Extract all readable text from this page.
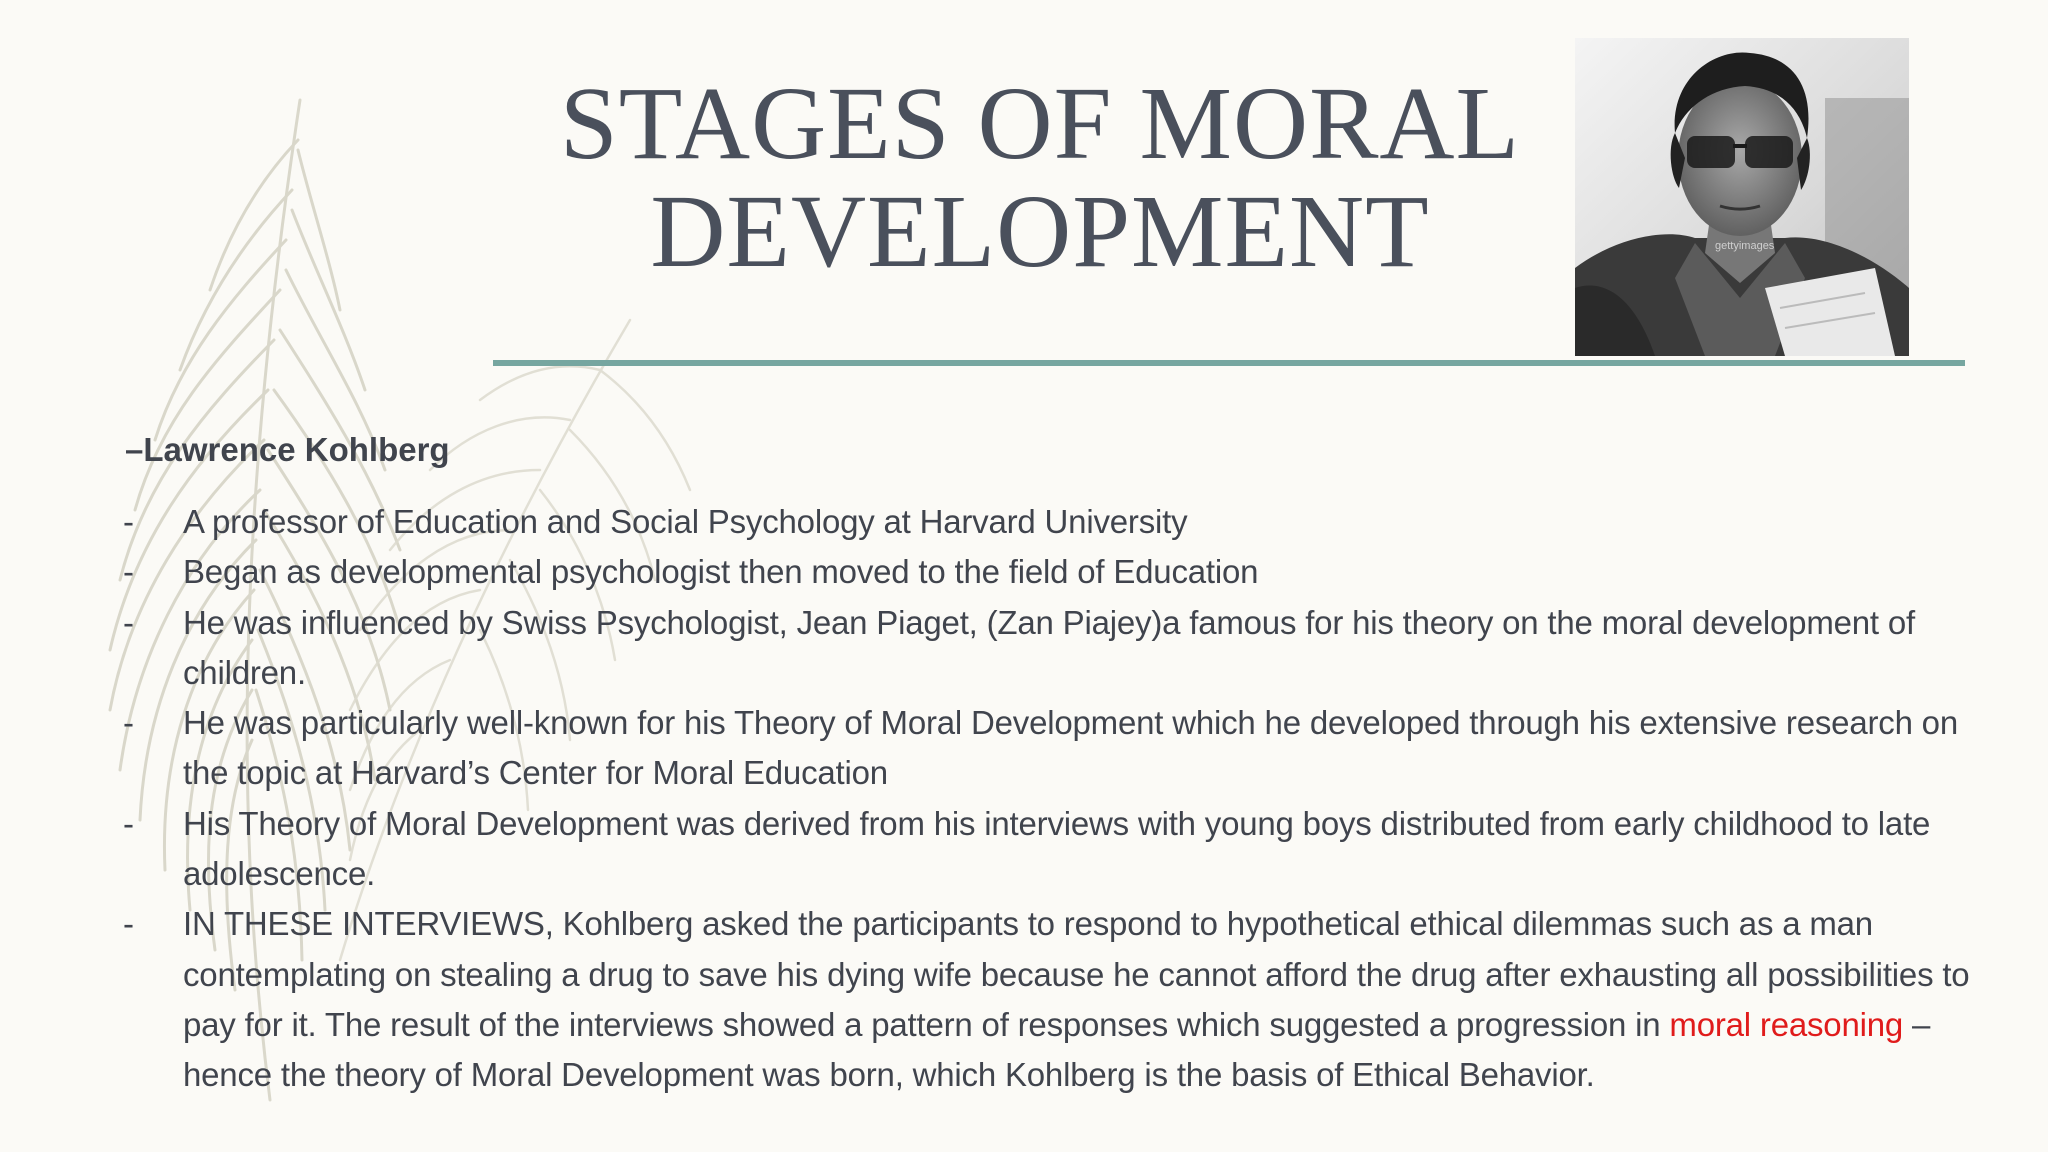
STAGES OF MORAL
DEVELOPMENT	gettyimages
–Lawrence Kohlberg
- A professor of Education and Social Psychology at Harvard University
- Began as developmental psychologist then moved to the field of Education
- He was influenced by Swiss Psychologist, Jean Piaget, (Zan Piajey)a famous for his theory on the moral development of children.
- He was particularly well-known for his Theory of Moral Development which he developed through his extensive research on the topic at Harvard’s Center for Moral Education
- His Theory of Moral Development was derived from his interviews with young boys distributed from early childhood to late adolescence.
- IN THESE INTERVIEWS, Kohlberg asked the participants to respond to hypothetical ethical dilemmas such as a man contemplating on stealing a drug to save his dying wife because he cannot afford the drug after exhausting all possibilities to pay for it. The result of the interviews showed a pattern of responses which suggested a progression in moral reasoning – hence the theory of Moral Development was born, which Kohlberg is the basis of Ethical Behavior.
